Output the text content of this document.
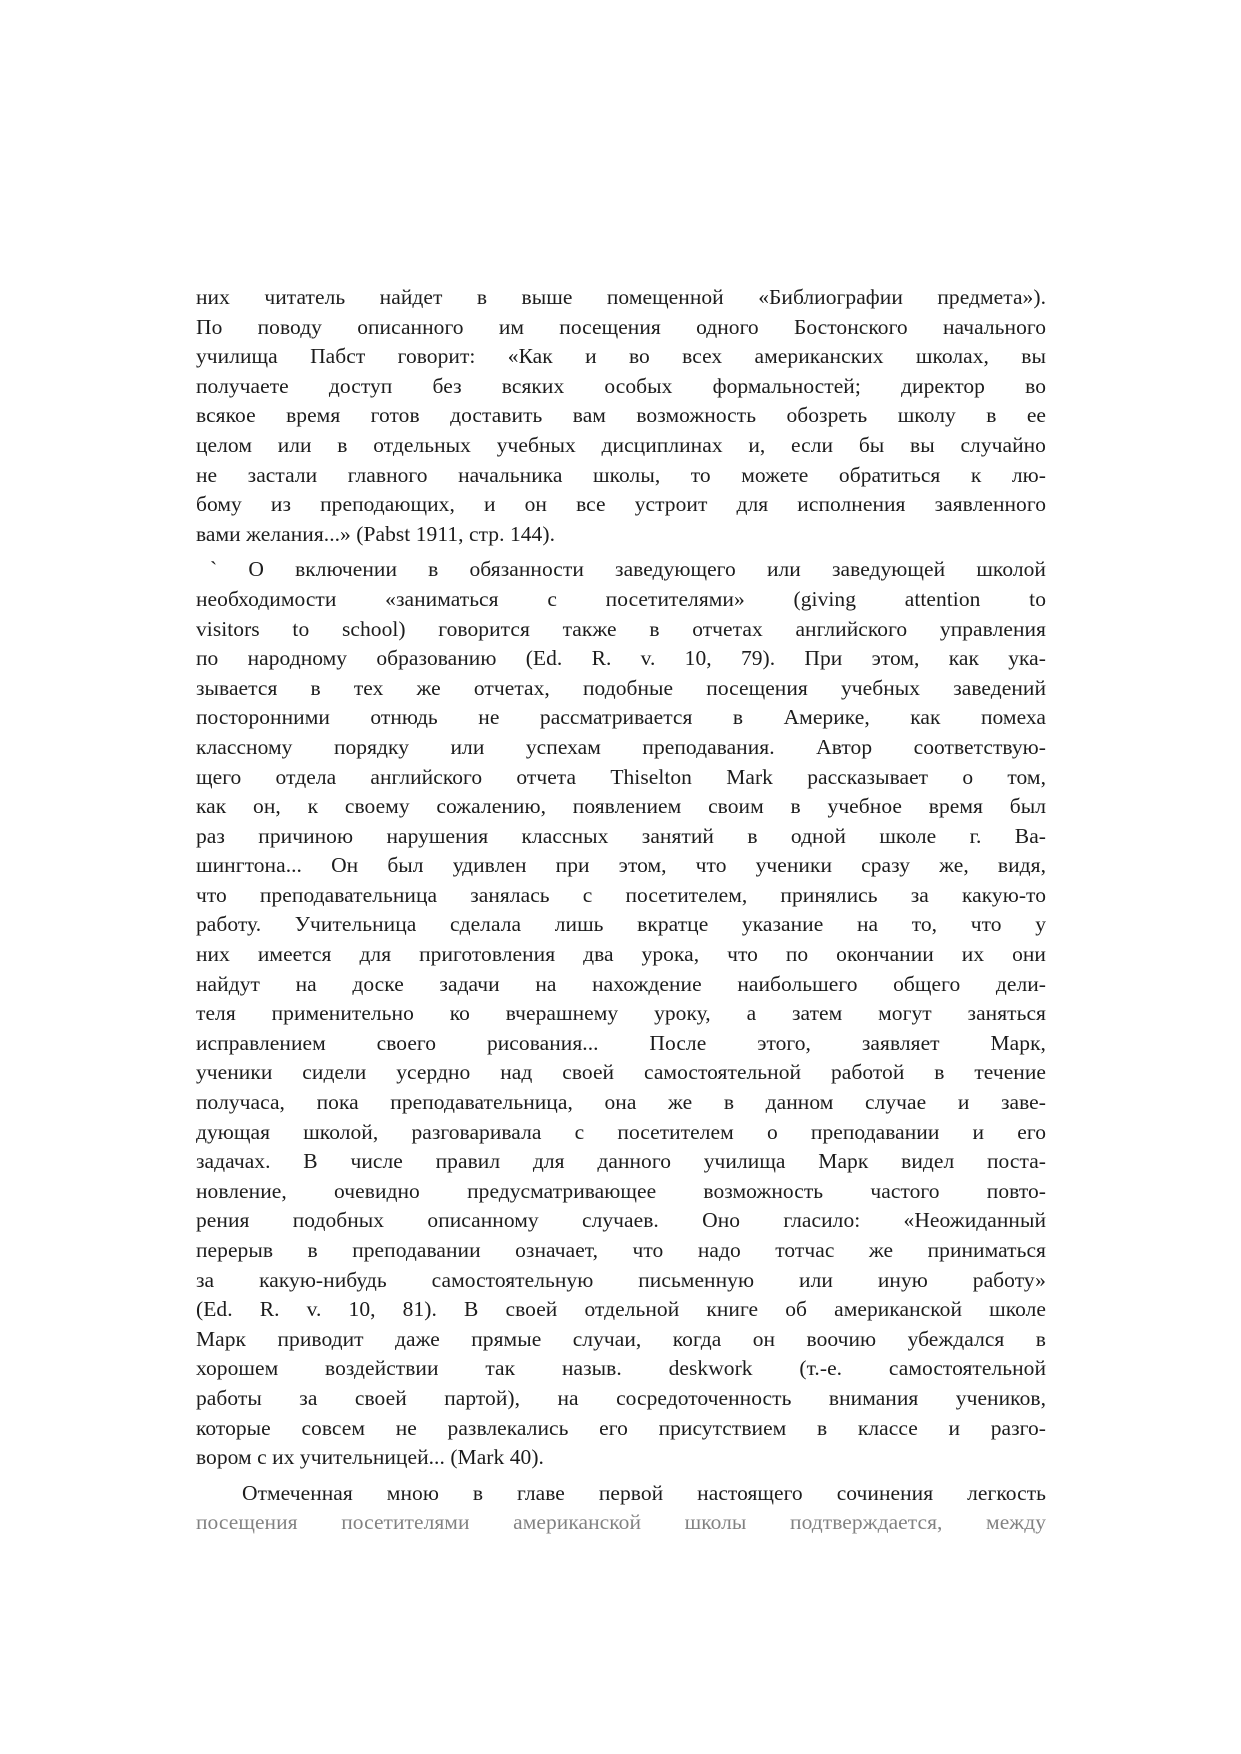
них читатель найдет в выше помещенной «Библиографии предмета»).
По поводу описанного им посещения одного Бостонского начального
училища Пабст говорит: «Как и во всех американских школах, вы
получаете доступ без всяких особых формальностей; директор во
всякое время готов доставить вам возможность обозреть школу в ее
целом или в отдельных учебных дисциплинах и, если бы вы случайно
не застали главного начальника школы, то можете обратиться к лю-
бому из преподающих, и он все устроит для исполнения заявленного
вами желания...» (Pabst 1911, стр. 144).
` О включении в обязанности заведующего или заведующей школой
необходимости «заниматься с посетителями» (giving attention to
visitors to school) говорится также в отчетах английского управления
по народному образованию (Ed. R. v. 10, 79). При этом, как ука-
зывается в тех же отчетах, подобные посещения учебных заведений
посторонними отнюдь не рассматривается в Америке, как помеха
классному порядку или успехам преподавания. Автор соответствую-
щего отдела английского отчета Thiselton Mark рассказывает о том,
как он, к своему сожалению, появлением своим в учебное время был
раз причиною нарушения классных занятий в одной школе г. Ва-
шингтона... Он был удивлен при этом, что ученики сразу же, видя,
что преподавательница занялась с посетителем, принялись за какую-то
работу. Учительница сделала лишь вкратце указание на то, что у
них имеется для приготовления два урока, что по окончании их они
найдут на доске задачи на нахождение наибольшего общего дели-
теля применительно ко вчерашнему уроку, а затем могут заняться
исправлением своего рисования... После этого, заявляет Марк,
ученики сидели усердно над своей самостоятельной работой в течение
получаса, пока преподавательница, она же в данном случае и заве-
дующая школой, разговаривала с посетителем о преподавании и его
задачах. В числе правил для данного училища Марк видел поста-
новление, очевидно предусматривающее возможность частого повто-
рения подобных описанному случаев. Оно гласило: «Неожиданный
перерыв в преподавании означает, что надо тотчас же приниматься
за какую-нибудь самостоятельную письменную или иную работу»
(Ed. R. v. 10, 81). В своей отдельной книге об американской школе
Марк приводит даже прямые случаи, когда он воочию убеждался в
хорошем воздействии так назыв. deskwork (т.-е. самостоятельной
работы за своей партой), на сосредоточенность внимания учеников,
которые совсем не развлекались его присутствием в классе и разго-
вором с их учительницей... (Mark 40).
Отмеченная мною в главе первой настоящего сочинения легкость
посещения посетителями американской школы подтверждается, между
